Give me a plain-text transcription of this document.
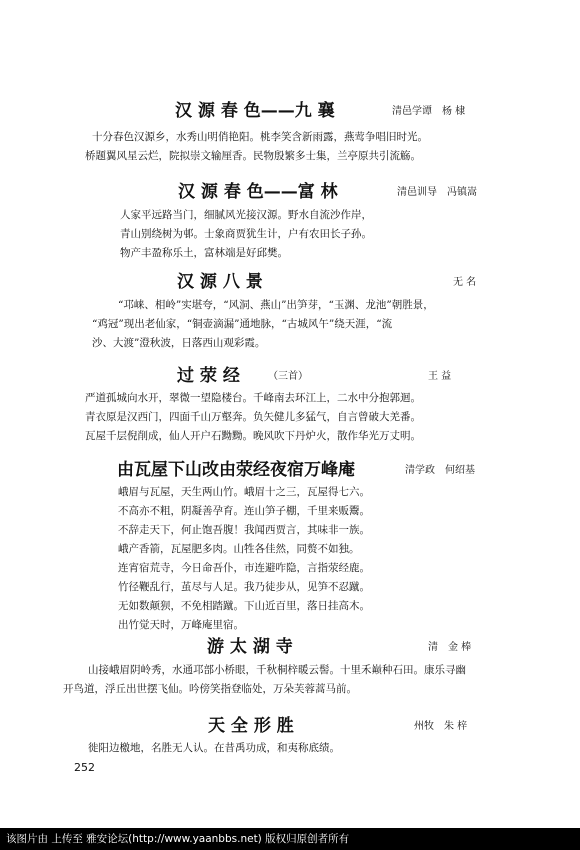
汉 源 春 色——九 襄	清邑学谭　杨 棣
十分春色汉源乡，水秀山明俏艳阳。桃李笑含新雨露，燕莺争唱旧时光。
桥题翼风星云烂，院拟崇文输厘香。民物殷繁多士集，兰亭原共引流觞。
汉 源 春 色——富 林	清邑训导　冯镇嵩
人家平远路当门，细腻风光接汉源。野水自流沙作岸，
青山别绕树为邨。士象商贾犹生计，户有农田长子孙。
物产丰盈称乐土，富林端是好邱樊。
汉 源 八 景	无 名
“邛崃、相岭”实堪夸，“风洞、燕山”出笋芽，“玉渊、龙池”朝胜景，
“鸡冠”现出老仙家，“铜壶滴漏”通地脉，“古城风午”绕天涯，“流
沙、大渡”澄秋波，日落西山观彩霞。
过 荥 经	（三首）	王 益
严道孤城向水开，翠微一望隐楼台。千峰南去环江上，二水中分抱郭迴。
青衣原是汉西门，四面千山万壑奔。负矢健儿多猛气，自言曾破大羌番。
瓦屋千层倪削成，仙人开户石黝黝。晚风吹下丹炉火，散作华光万丈明。
由瓦屋下山改由荥经夜宿万峰庵	清学政　何绍基
峨眉与瓦屋，天生两山竹。峨眉十之三，瓦屋得七六。
不高亦不粗，阴凝善孕育。连山笋子棚，千里来贩鬻。
不辞走天下，何止饱吾腹！我闻西贾言，其味非一族。
峨产香箭，瓦屋肥多肉。山牲各佳然，同赘不如独。
连宵宿荒寺，今日命吾仆，市连避咋隐，言指荥经鹿。
竹径鞭乱行，茧尽与人足。我乃徒步从，见笋不忍蹴。
无如数颠狈，不免相踏蹴。下山近百里，落日挂高木。
出竹觉天时，万峰庵里宿。
游 太 湖 寺	清　金 棒
山接峨眉阴岭秀，水通邛部小桥眼，千秋桐梓暖云髻。十里禾巅种石田。康乐寻幽
开鸟道，浮丘出世摆飞仙。吟傍笑指登临处，万朵芙蓉蒿马前。
天 全 形 胜	州牧　朱 梓
徙阳边檄地，名胜无人认。在昔禹功成，和夷称底绩。
252
该图片由 上传至 雅安论坛(http://www.yaanbbs.net) 版权归原创者所有
